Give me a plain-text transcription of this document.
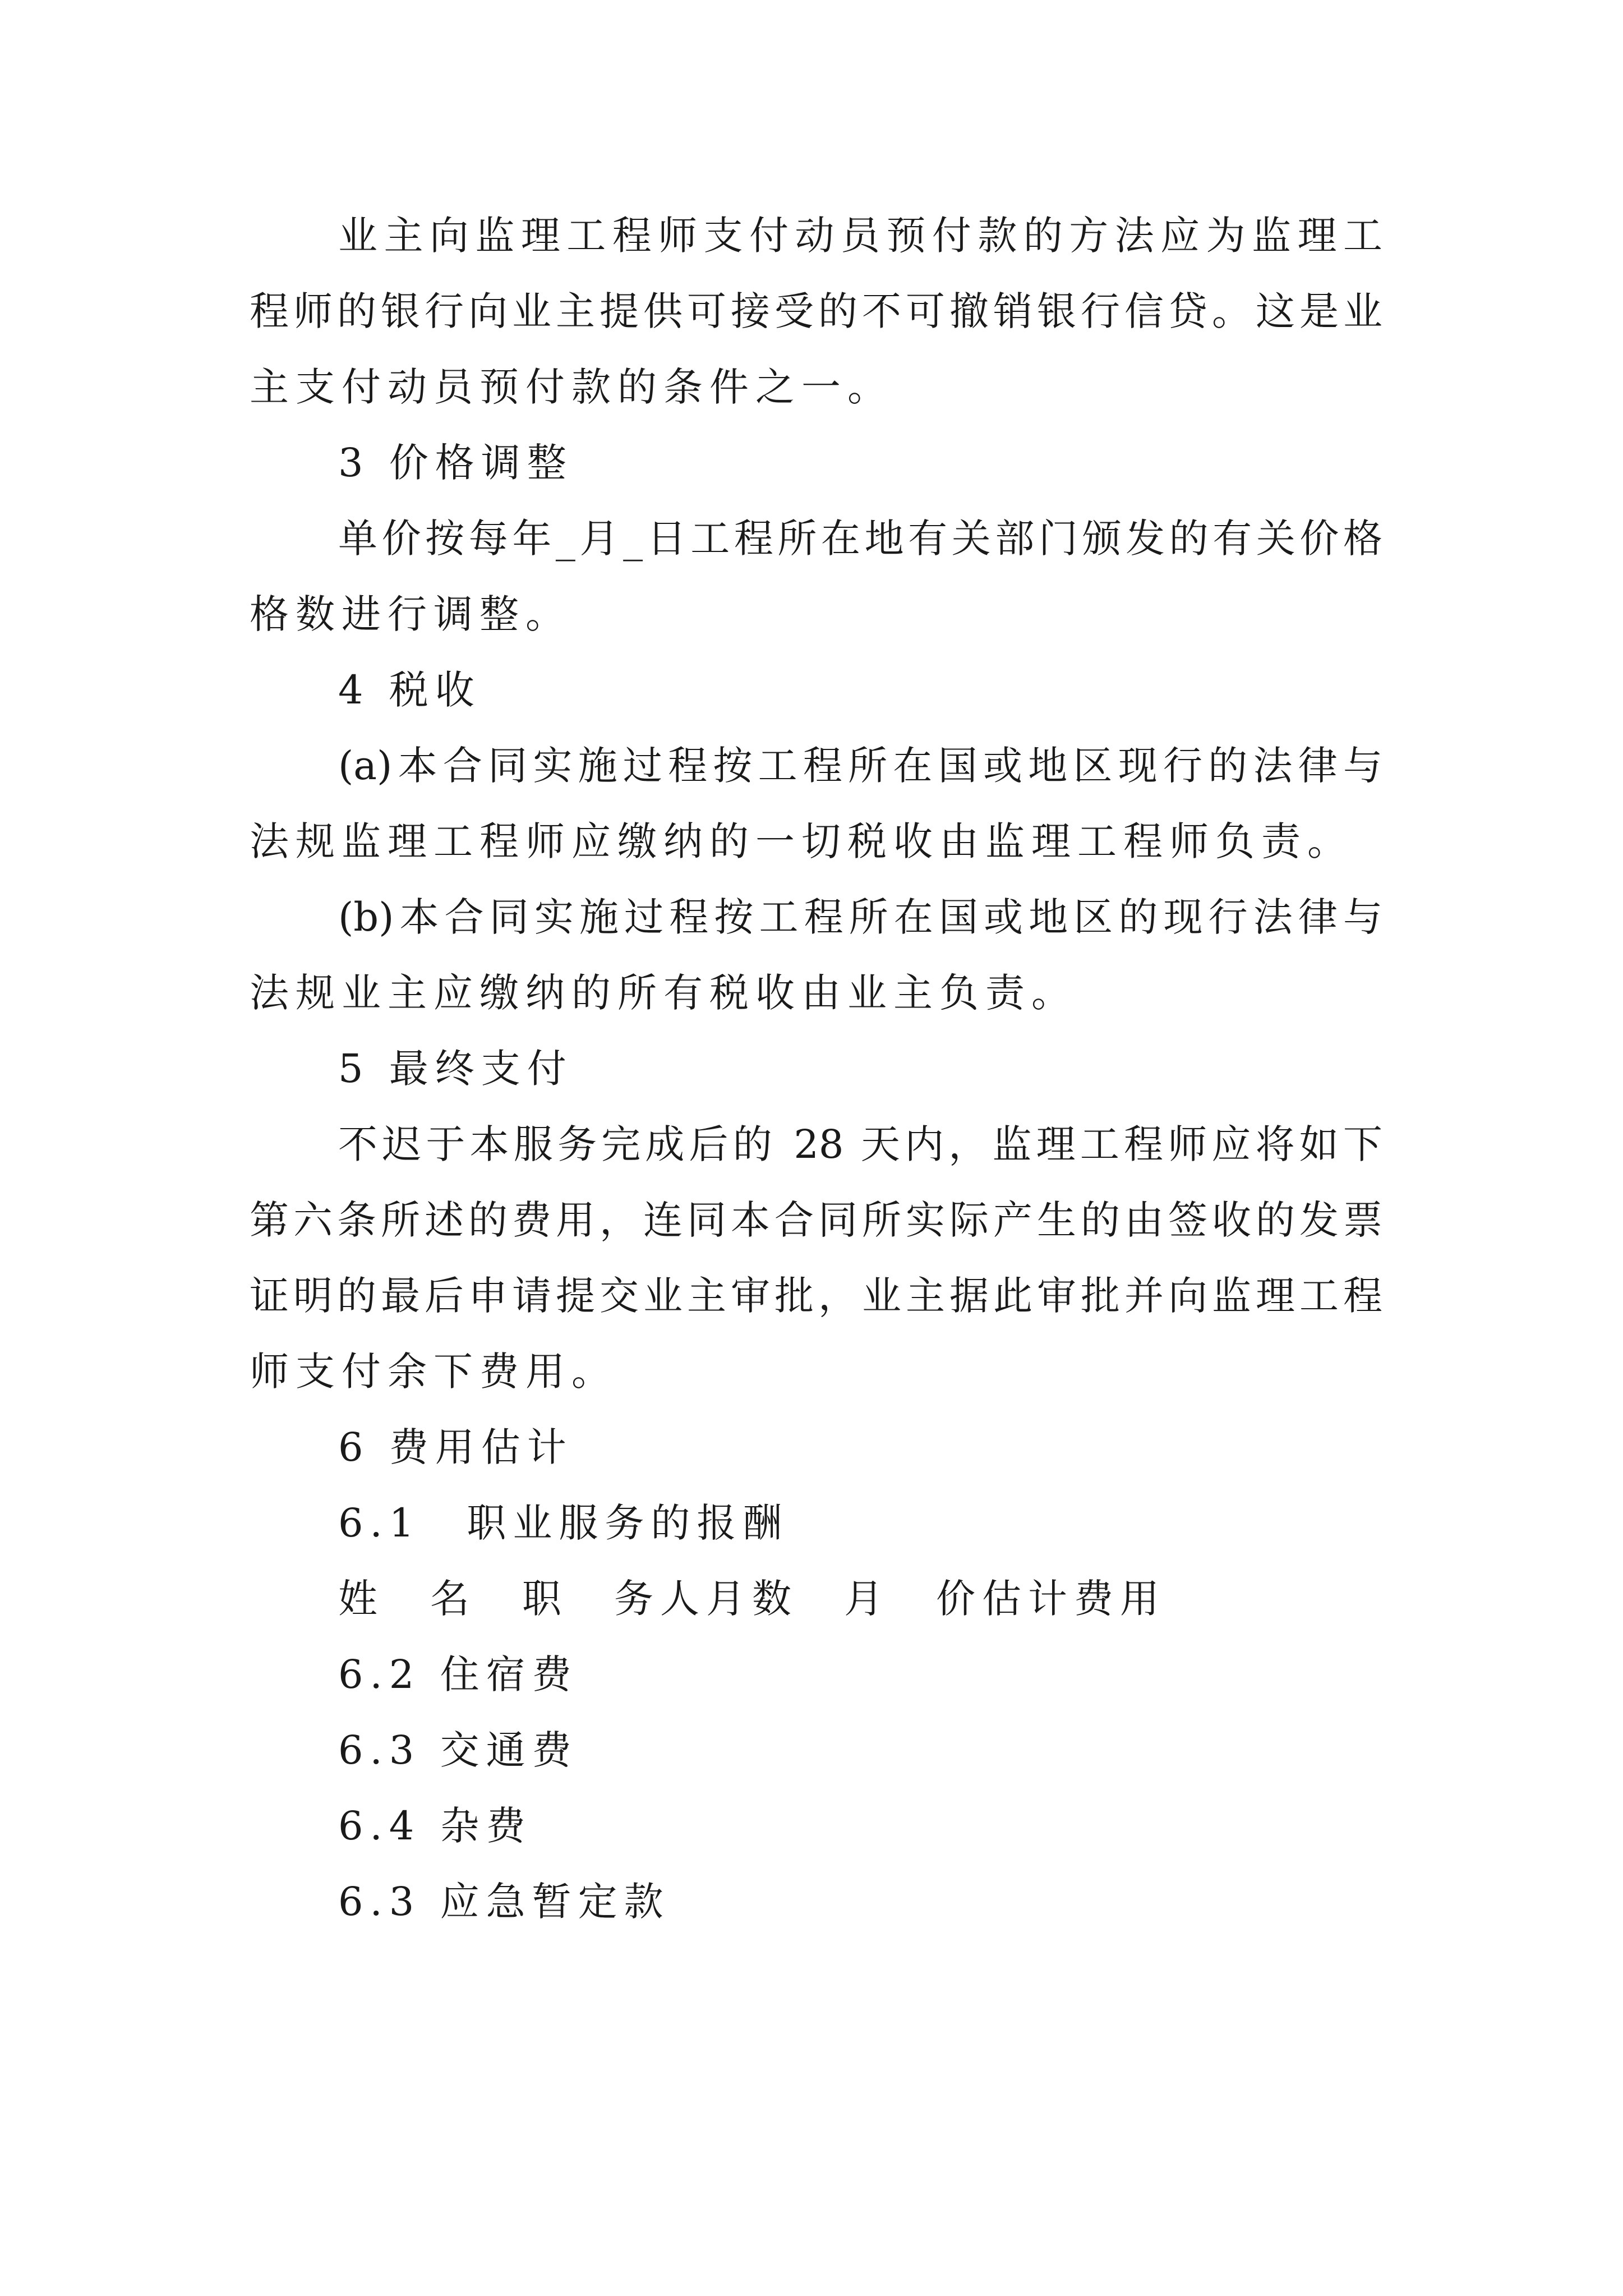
业主向监理工程师支付动员预付款的方法应为监理工
程师的银行向业主提供可接受的不可撤销银行信贷。这是业
主支付动员预付款的条件之一。
3 价格调整
单价按每年_月_日工程所在地有关部门颁发的有关价格
格数进行调整。
4 税收
(a)本合同实施过程按工程所在国或地区现行的法律与
法规监理工程师应缴纳的一切税收由监理工程师负责。
(b)本合同实施过程按工程所在国或地区的现行法律与
法规业主应缴纳的所有税收由业主负责。
5 最终支付
不迟于本服务完成后的 28 天内，监理工程师应将如下
第六条所述的费用，连同本合同所实际产生的由签收的发票
证明的最后申请提交业主审批，业主据此审批并向监理工程
师支付余下费用。
6 费用估计
6.1　职业服务的报酬
姓　名　职　务人月数　月　价估计费用
6.2 住宿费
6.3 交通费
6.4 杂费
6.3 应急暂定款
